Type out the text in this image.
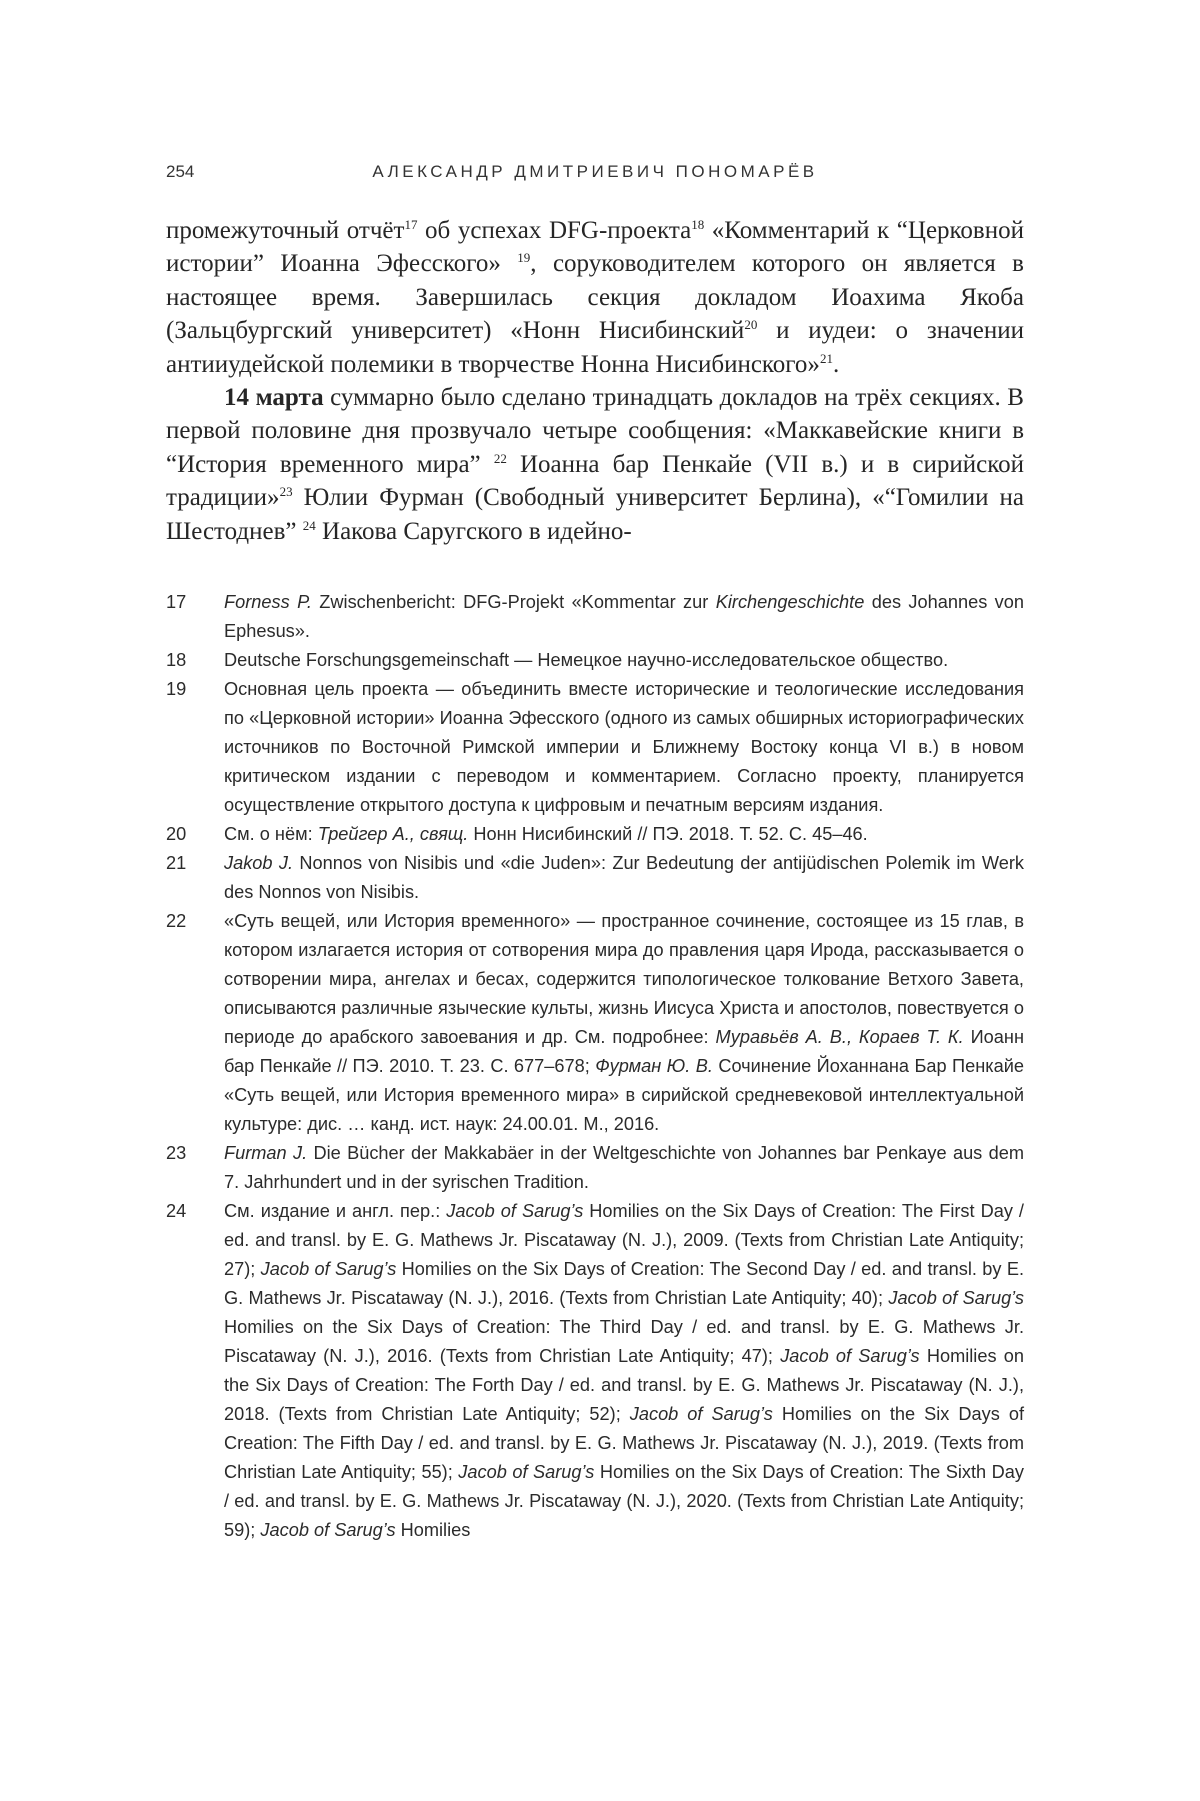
254	АЛЕКСАНДР ДМИТРИЕВИЧ ПОНОМАРЁВ

промежуточный отчёт$^{17}$ об успехах DFG-проекта$^{18}$ «Комментарий к “Церковной истории” Иоанна Эфесского» $^{19}$, соруководителем которого он является в настоящее время. Завершилась секция докладом Иоахима Якоба (Зальцбургский университет) «Нонн Нисибинский$^{20}$ и иудеи: о значении антииудейской полемики в творчестве Нонна Нисибинского»$^{21}$.

14 марта суммарно было сделано тринадцать докладов на трёх секциях. В первой половине дня прозвучало четыре сообщения: «Маккавейские книги в “История временного мира” $^{22}$ Иоанна бар Пенкайе (VII в.) и в сирийской традиции»$^{23}$ Юлии Фурман (Свободный университет Берлина), «“Гомилии на Шестоднев” $^{24}$ Иакова Саругского в идейно-

17	Forness P. Zwischenbericht: DFG-Projekt «Kommentar zur Kirchengeschichte des Johannes von Ephesus».
18	Deutsche Forschungsgemeinschaft — Немецкое научно-исследовательское общество.
19	Основная цель проекта — объединить вместе исторические и теологические исследования по «Церковной истории» Иоанна Эфесского (одного из самых обширных историографических источников по Восточной Римской империи и Ближнему Востоку конца VI в.) в новом критическом издании с переводом и комментарием. Согласно проекту, планируется осуществление открытого доступа к цифровым и печатным версиям издания.
20	См. о нём: Трейгер А., свящ. Нонн Нисибинский // ПЭ. 2018. Т. 52. С. 45–46.
21	Jakob J. Nonnos von Nisibis und «die Juden»: Zur Bedeutung der antijüdischen Polemik im Werk des Nonnos von Nisibis.
22	«Суть вещей, или История временного» — пространное сочинение, состоящее из 15 глав, в котором излагается история от сотворения мира до правления царя Ирода, рассказывается о сотворении мира, ангелах и бесах, содержится типологическое толкование Ветхого Завета, описываются различные языческие культы, жизнь Иисуса Христа и апостолов, повествуется о периоде до арабского завоевания и др. См. подробнее: Муравьёв А. В., Кораев Т. К. Иоанн бар Пенкайе // ПЭ. 2010. Т. 23. С. 677–678; Фурман Ю. В. Сочинение Йоханнана Бар Пенкайе «Суть вещей, или История временного мира» в сирийской средневековой интеллектуальной культуре: дис. … канд. ист. наук: 24.00.01. М., 2016.
23	Furman J. Die Bücher der Makkabäer in der Weltgeschichte von Johannes bar Penkaye aus dem 7. Jahrhundert und in der syrischen Tradition.
24	См. издание и англ. пер.: Jacob of Sarug’s Homilies on the Six Days of Creation: The First Day / ed. and transl. by E. G. Mathews Jr. Piscataway (N. J.), 2009. (Texts from Christian Late Antiquity; 27); Jacob of Sarug’s Homilies on the Six Days of Creation: The Second Day / ed. and transl. by E. G. Mathews Jr. Piscataway (N. J.), 2016. (Texts from Christian Late Antiquity; 40); Jacob of Sarug’s Homilies on the Six Days of Creation: The Third Day / ed. and transl. by E. G. Mathews Jr. Piscataway (N. J.), 2016. (Texts from Christian Late Antiquity; 47); Jacob of Sarug’s Homilies on the Six Days of Creation: The Forth Day / ed. and transl. by E. G. Mathews Jr. Piscataway (N. J.), 2018. (Texts from Christian Late Antiquity; 52); Jacob of Sarug’s Homilies on the Six Days of Creation: The Fifth Day / ed. and transl. by E. G. Mathews Jr. Piscataway (N. J.), 2019. (Texts from Christian Late Antiquity; 55); Jacob of Sarug’s Homilies on the Six Days of Creation: The Sixth Day / ed. and transl. by E. G. Mathews Jr. Piscataway (N. J.), 2020. (Texts from Christian Late Antiquity; 59); Jacob of Sarug’s Homilies
